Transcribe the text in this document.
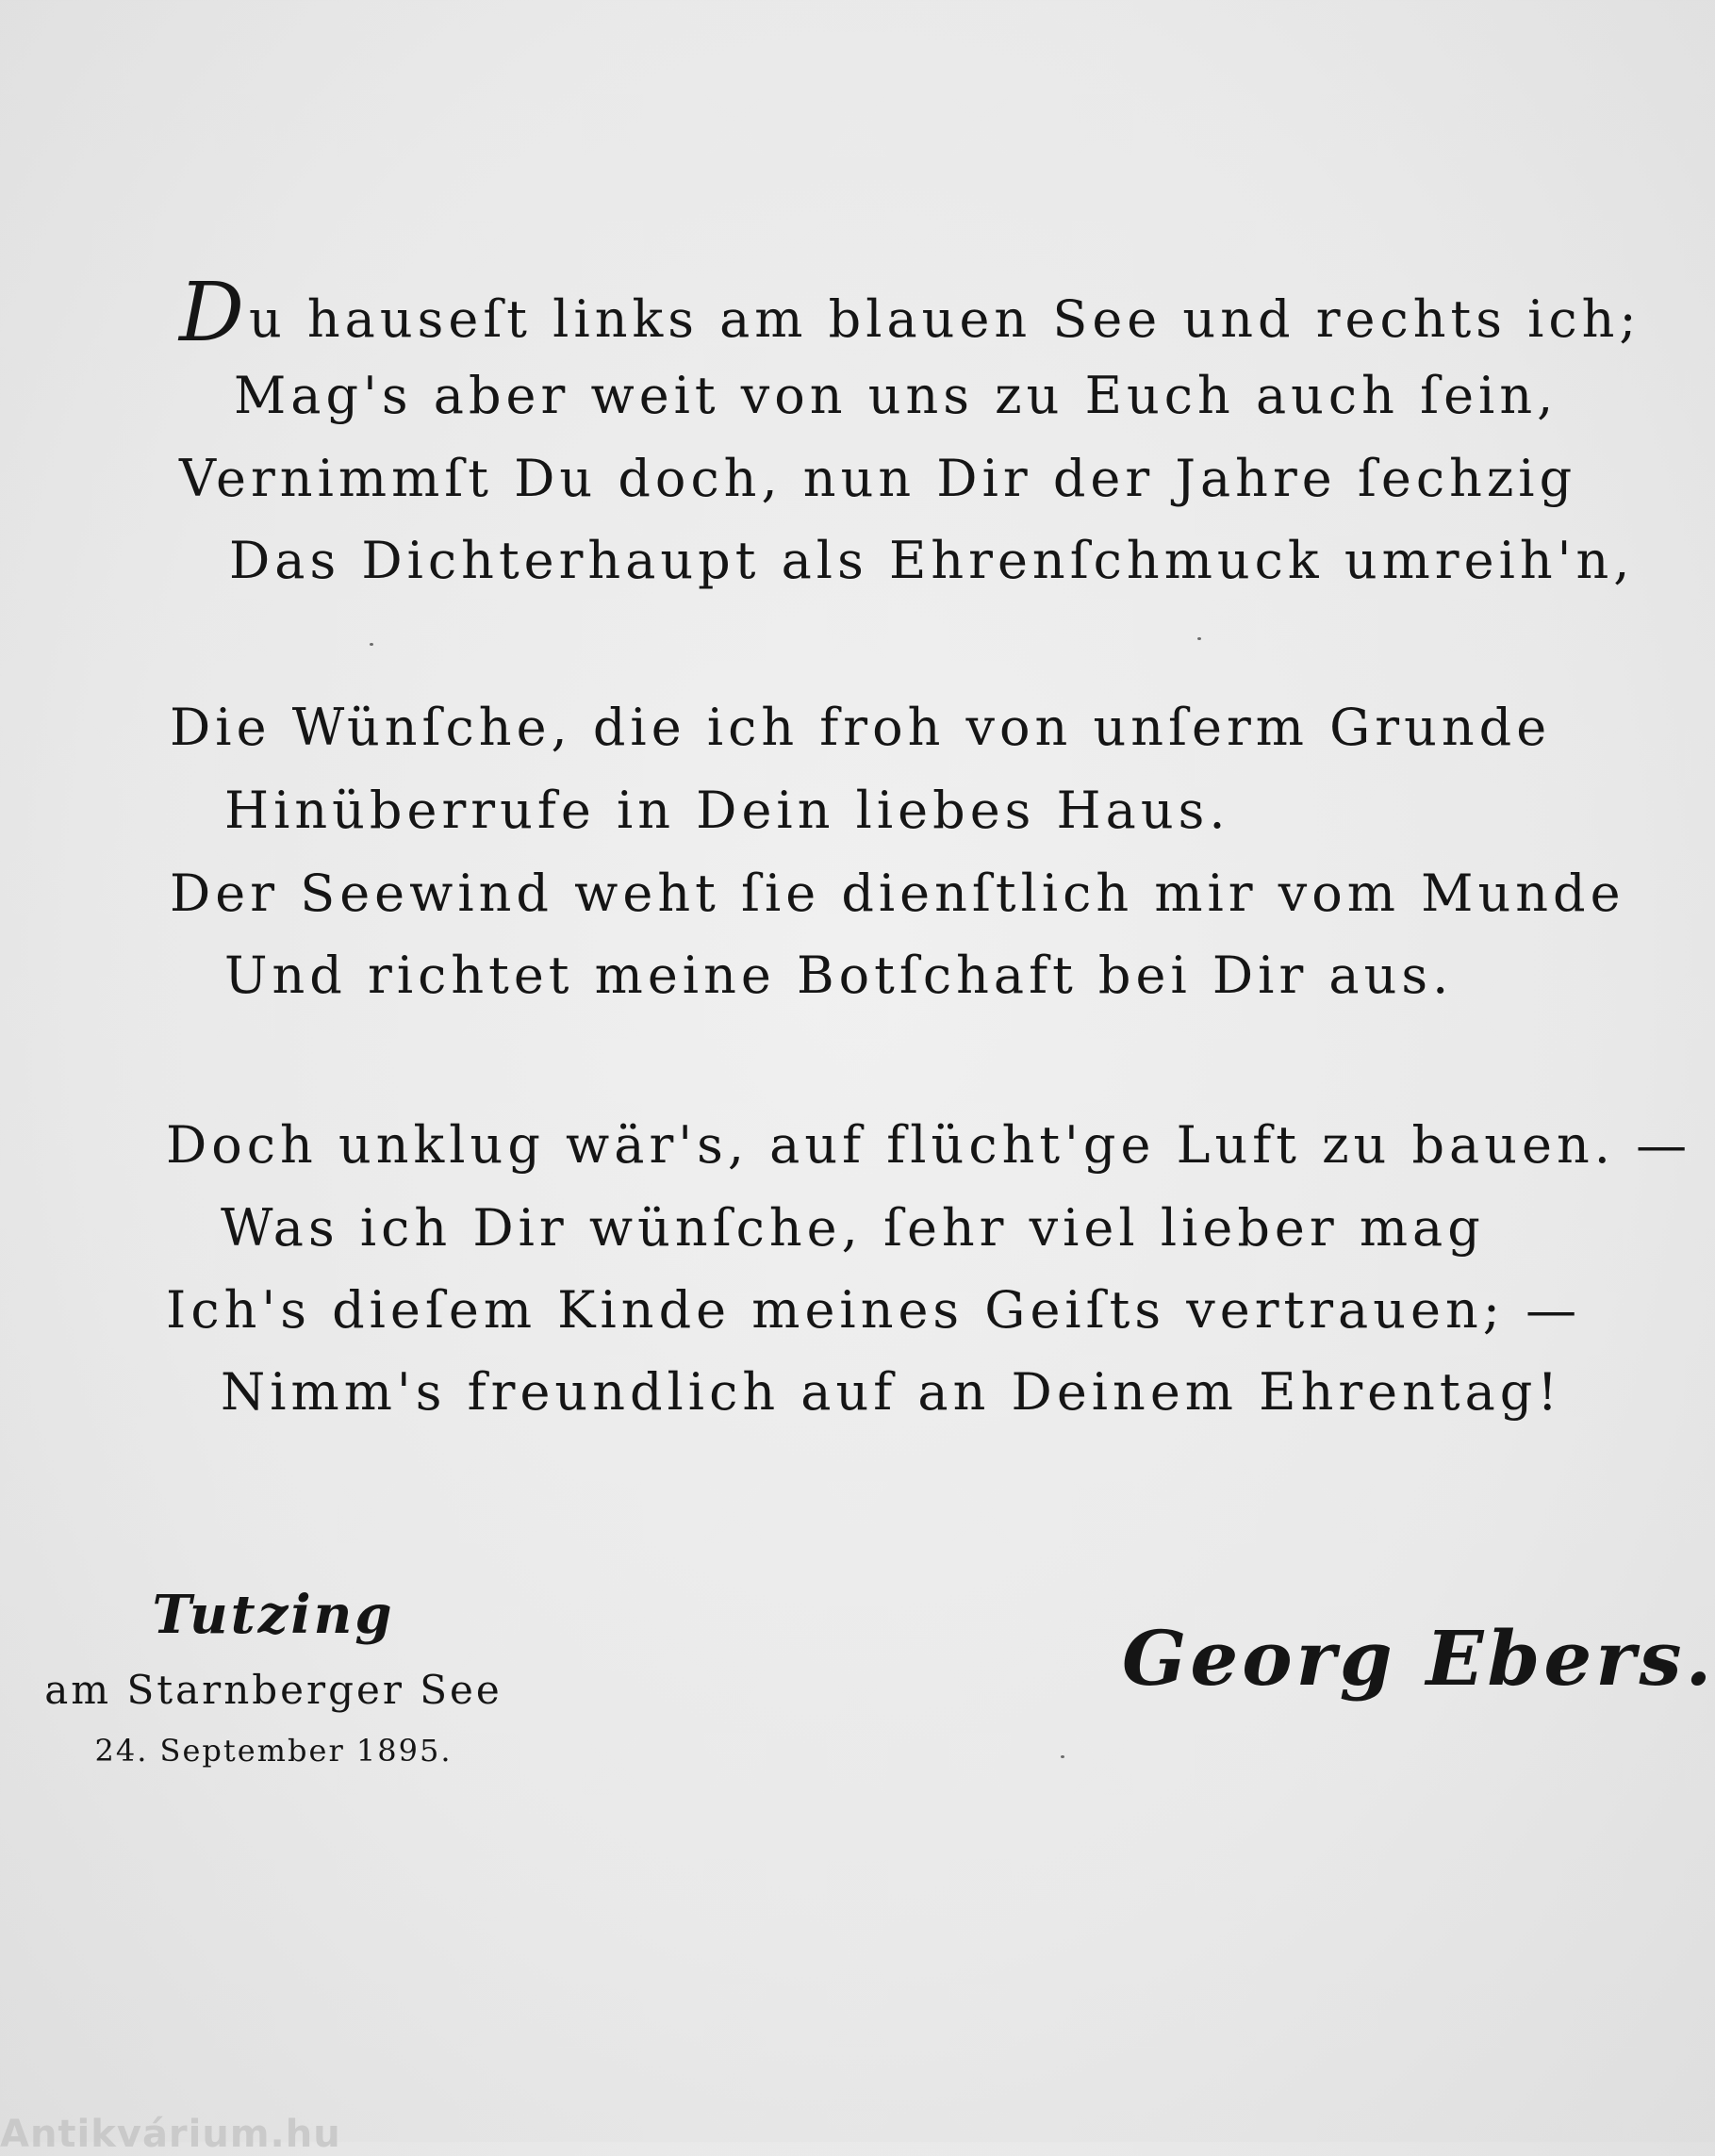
Du hauseſt links am blauen See und rechts ich;
Mag's aber weit von uns zu Euch auch ſein,
Vernimmſt Du doch, nun Dir der Jahre ſechzig
Das Dichterhaupt als Ehrenſchmuck umreih'n,
Die Wünſche, die ich froh von unſerm Grunde
Hinüberrufe in Dein liebes Haus.
Der Seewind weht ſie dienſtlich mir vom Munde
Und richtet meine Botſchaft bei Dir aus.
Doch unklug wär's, auf flücht'ge Luft zu bauen. —
Was ich Dir wünſche, ſehr viel lieber mag
Ich's dieſem Kinde meines Geiſts vertrauen; —
Nimm's freundlich auf an Deinem Ehrentag!
Tutzing
am Starnberger See
24. September 1895.
Georg Ebers.
Antikvárium.hu
